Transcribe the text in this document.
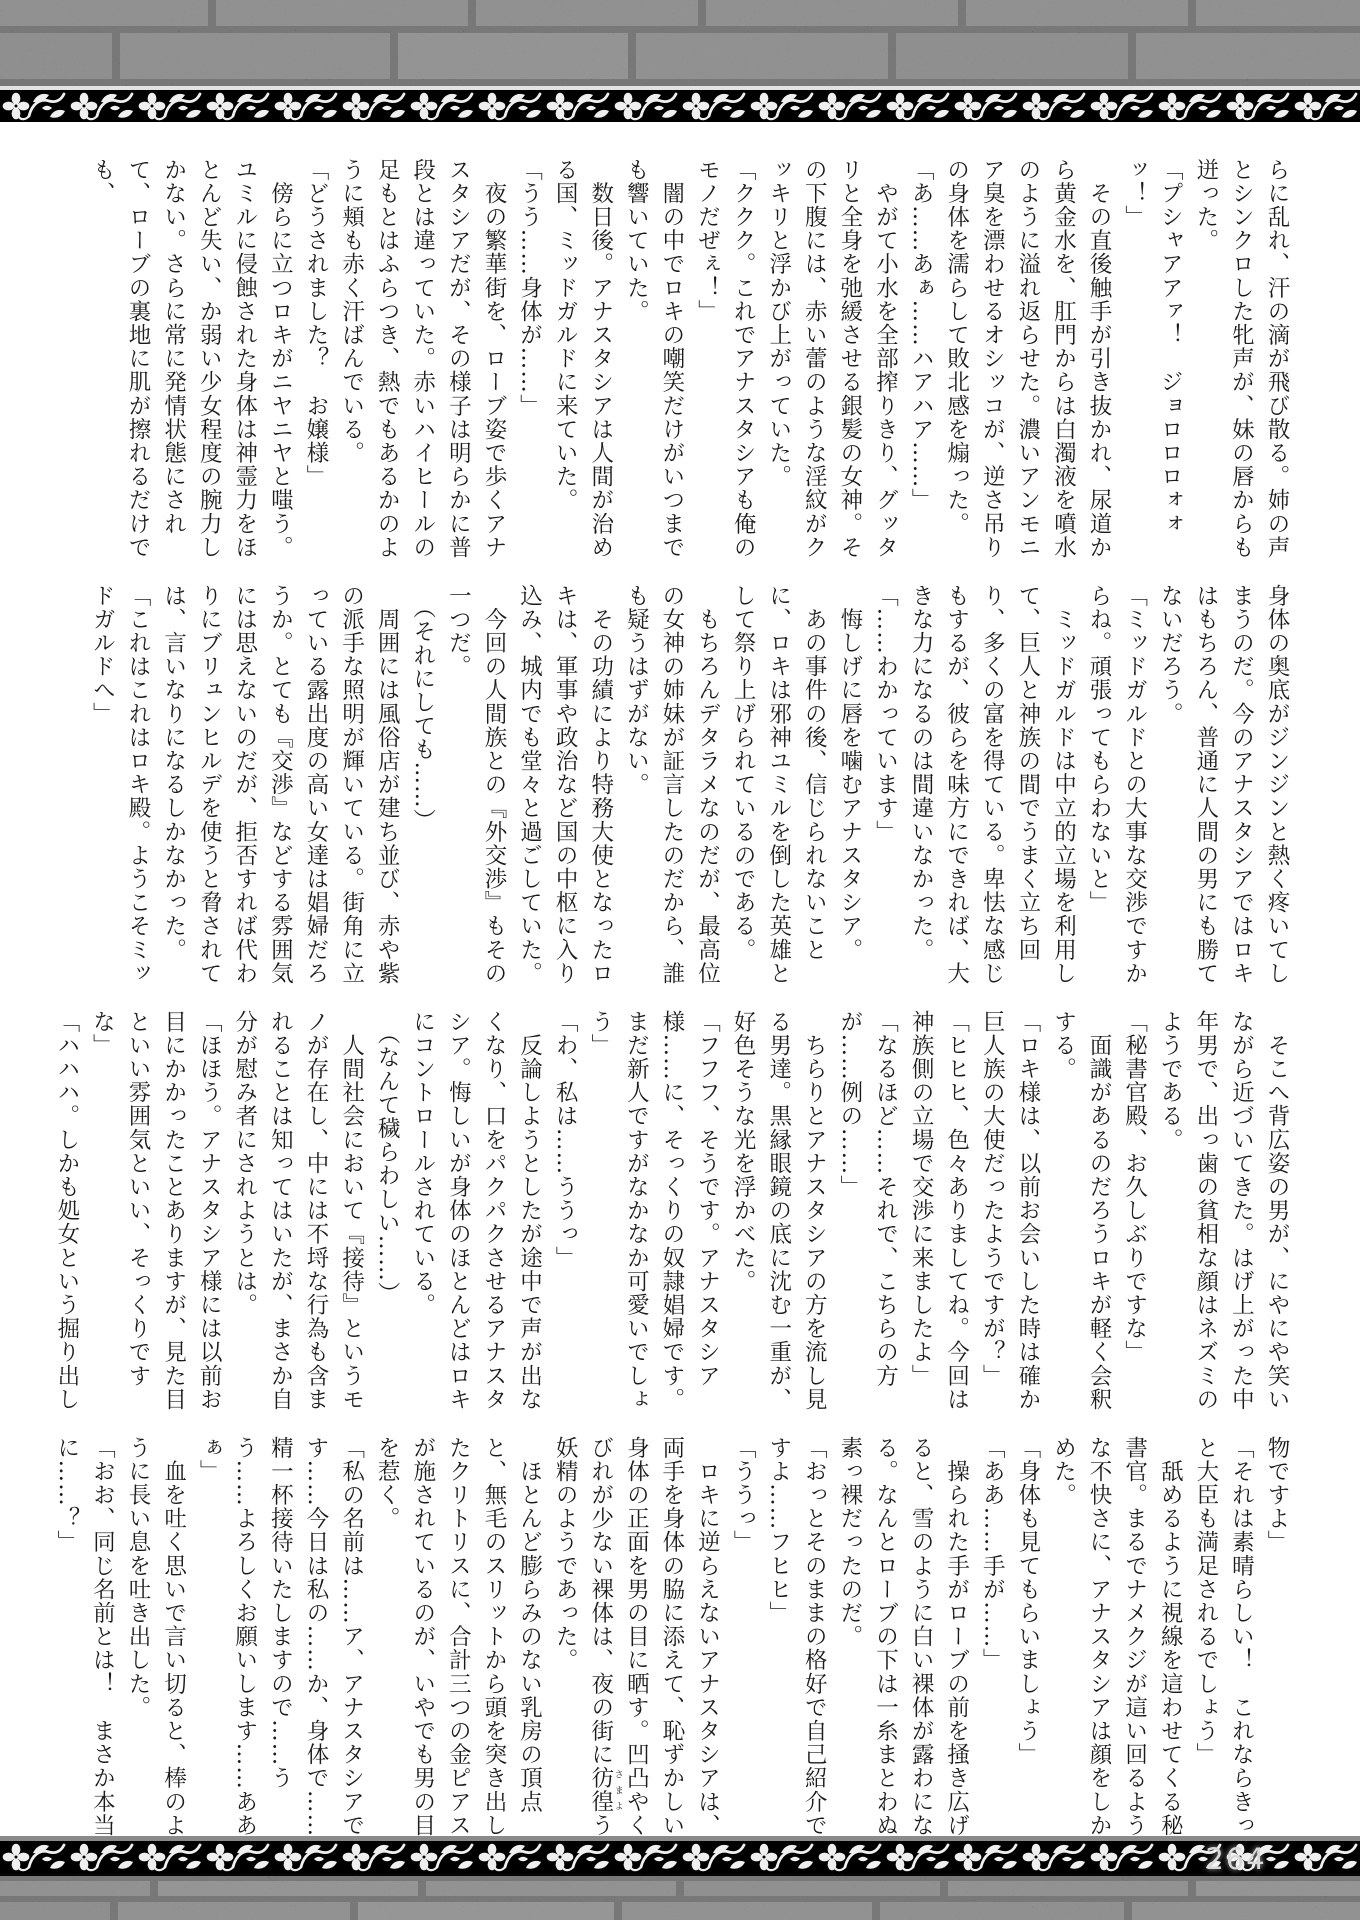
らに乱れ、汗の滴が飛び散る。姉の声とシンクロした牝声が、妹の唇からも迸った。

「プシャアアァ！　ジョロロロォォッ！」

　その直後触手が引き抜かれ、尿道から黄金水を、肛門からは白濁液を噴水のように溢れ返らせた。濃いアンモニア臭を漂わせるオシッコが、逆さ吊りの身体を濡らして敗北感を煽った。

「あ……あぁ……ハアハア……」

　やがて小水を全部搾りきり、グッタリと全身を弛緩させる銀髪の女神。その下腹には、赤い蕾のような淫紋がクッキリと浮かび上がっていた。

「ククク。これでアナスタシアも俺のモノだぜぇ！」

　闇の中でロキの嘲笑だけがいつまでも響いていた。

　数日後。アナスタシアは人間が治める国、ミッドガルドに来ていた。

「うう……身体が……」

　夜の繁華街を、ローブ姿で歩くアナスタシアだが、その様子は明らかに普段とは違っていた。赤いハイヒールの足もとはふらつき、熱でもあるかのように頬も赤く汗ばんでいる。

「どうされました？　お嬢様」

　傍らに立つロキがニヤニヤと嗤う。ユミルに侵蝕された身体は神霊力をほとんど失い、か弱い少女程度の腕力しかない。さらに常に発情状態にされて、ローブの裏地に肌が擦れるだけでも、

身体の奥底がジンジンと熱く疼いてしまうのだ。今のアナスタシアではロキはもちろん、普通に人間の男にも勝てないだろう。

「ミッドガルドとの大事な交渉ですからね。頑張ってもらわないと」

　ミッドガルドは中立的立場を利用して、巨人と神族の間でうまく立ち回り、多くの富を得ている。卑怯な感じもするが、彼らを味方にできれば、大きな力になるのは間違いなかった。

「……わかっています」

　悔しげに唇を噛むアナスタシア。

　あの事件の後、信じられないことに、ロキは邪神ユミルを倒した英雄として祭り上げられているのである。

　もちろんデタラメなのだが、最高位の女神の姉妹が証言したのだから、誰も疑うはずがない。

　その功績により特務大使となったロキは、軍事や政治など国の中枢に入り込み、城内でも堂々と過ごしていた。

　今回の人間族との『外交渉』もその一つだ。

　（それにしても……）

　周囲には風俗店が建ち並び、赤や紫の派手な照明が輝いている。街角に立っている露出度の高い女達は娼婦だろうか。とても『交渉』などする雰囲気には思えないのだが、拒否すれば代わりにブリュンヒルデを使うと脅されては、言いなりになるしかなかった。

「これはこれはロキ殿。ようこそミッドガルドへ」

　そこへ背広姿の男が、にやにや笑いながら近づいてきた。はげ上がった中年男で、出っ歯の貧相な顔はネズミのようである。

「秘書官殿、お久しぶりですな」

　面識があるのだろうロキが軽く会釈する。

「ロキ様は、以前お会いした時は確か巨人族の大使だったようですが？」

「ヒヒヒ、色々ありましてね。今回は神族側の立場で交渉に来ましたよ」

「なるほど……それで、こちらの方が……例の……」

　ちらりとアナスタシアの方を流し見る男達。黒縁眼鏡の底に沈む一重が、好色そうな光を浮かべた。

「フフフ、そうです。アナスタシア様……に、そっくりの奴隷娼婦です。まだ新人ですがなかなか可愛いでしょう」

「わ、私は……ううっ」

　反論しようとしたが途中で声が出なくなり、口をパクパクさせるアナスタシア。悔しいが身体のほとんどはロキにコントロールされている。

　（なんて穢らわしい……）

　人間社会において『接待』というモノが存在し、中には不埒な行為も含まれることは知ってはいたが、まさか自分が慰み者にされようとは。

「ほほう。アナスタシア様には以前お目にかかったことありますが、見た目といい雰囲気といい、そっくりですな」

「ハハハ。しかも処女という掘り出し

物ですよ」

「それは素晴らしい！　これならきっと大臣も満足されるでしょう」

　舐めるように視線を這わせてくる秘書官。まるでナメクジが這い回るような不快さに、アナスタシアは顔をしかめた。

「身体も見てもらいましょう」

「ああ……手が……」

　操られた手がローブの前を掻き広げると、雪のように白い裸体が露わになる。なんとローブの下は一糸まとわぬ素っ裸だったのだ。

「おっとそのままの格好で自己紹介ですよ……フヒヒ」

「ううっ」

　ロキに逆らえないアナスタシアは、両手を身体の脇に添えて、恥ずかしい身体の正面を男の目に晒す。凹凸やくびれが少ない裸体は、夜の街に彷徨 さまよう妖精のようであった。

　ほとんど膨らみのない乳房の頂点と、無毛のスリットから頭を突き出したクリトリスに、合計三つの金ピアスが施されているのが、いやでも男の目を惹く。

「私の名前は……ア、アナスタシアです……今日は私の……か、身体で……精一杯接待いたしますので……うう……よろしくお願いします……ああぁ」

　血を吐く思いで言い切ると、棒のように長い息を吐き出した。

「おお、同じ名前とは！　まさか本当に……？」

264
